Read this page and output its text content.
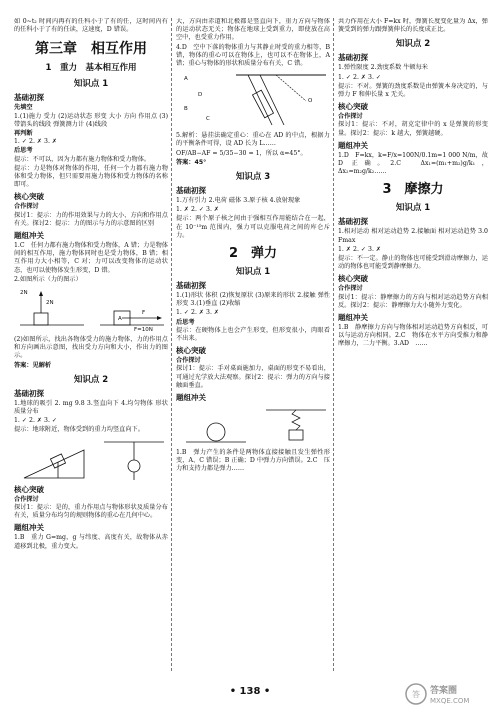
如 0~t₂ 时间内再有的任科小于了有的任，这时间内有的任科小于了有的任读，这速度，D 错误。

第三章　相互作用
1　重力　基本相互作用
知识点 1
基础初探
先填空

1.(1)施力 受力 (2)运动状态 形变 大小 方向 作用点 (3)带箭头的线段 弹簧测力计 (4)线段

再判断

1. ✓ 2. ✗ 3. ✗

后思考

提示：不可以，因为力都有施力物体和受力物体。

提示：力是物体对物体的作用，任何一个力都有施力物体和受力物体，但只需要用施力物体和受力物体的名称即可。

核心突破
合作探讨

探讨1：提示：力的作用效果与力的大小、方向和作用点有关。探讨2：提示：力的图示与力的示意图的区别

题组冲关

1.C　任何力都有施力物体和受力物体，A 错；力是物体间的相互作用，施力物体同时也是受力物体，B 错；相互作用力大小相等，C 对；力可以改变物体的运动状态，也可以使物体发生形变，D 错。

2.如图所示（力的图示）

2N
2N
A
F
F=10N

(2)如图所示，找出各物体受力的施力物体，力的作用点和方向画出示意图，找出受力方向和大小，作出力的图示。

答案：见解析

知识点 2
基础初探

1.地球的吸引 2. mg 9.8 3.竖直向下 4.均匀物体 形状 质量分布

1. ✓ 2. ✗ 3. ✓

提示：地球附近，物体受到的重力均竖直向下。

核心突破
合作探讨

探讨1：提示：是的，重力作用点与物体形状及质量分布有关，质量分布均匀的规则物体的重心在几何中心。

题组冲关

1.B　重力 G=mg，g 与纬度、高度有关，故物体从赤道移到北极，重力变大。

大，方向由赤道和北极都是竖直向下，重力方向与物体的运动状态无关；物体在地球上受到重力，即使放在高空中，也受重力作用。

4.D　空中下落的物体重力与其静止时受的重力相等，B 错，物体的重心可以在物体上，也可以不在物体上，A 错；重心与物体的形状和质量分布有关，C 错。

A
D
B
C
O

5.解析：悬挂法确定重心：重心在 AD 的中点，根据力的平衡条件可得，设 AD 长为 L……

OF/AB−AF = 5/35−30 = 1，所以 α=45°。

答案：45°

知识点 3
基础初探

1.万有引力 2.电荷 磁体 3.原子核 4.放射现象

1. ✗ 2. ✓ 3. ✗

提示：两个原子核之间由于强相互作用能结合在一起，在 10⁻¹⁵m 范围内，强力可以克服电荷之间的库仑斥力。

2　弹力
知识点 1
基础初探

1.(1)形状 体积 (2)恢复原状 (3)原来的形状 2.接触 弹性形变 3.(1)垂直 (2)收缩

1. ✓ 2. ✗ 3. ✗

后思考

提示：在硬物体上也会产生形变，但形变很小，肉眼看不出来。

核心突破
合作探讨

探讨1：提示：手对桌面施加力，桌面的形变不易看出，可通过光学放大法观察。探讨2：提示：弹力的方向与接触面垂直。

题组冲关

1.B　弹力产生的条件是两物体直接接触且发生弹性形变，A、C 错误；B 正确；D 中弹力方向错误。2.C　压力和支持力都是弹力……

共力作用在大小 F=kx 时，弹簧长度变化量为 Δx，弹簧受到的弹力跟弹簧伸长的长度成正比。

知识点 2
基础初探

1.弹性限度 2.劲度系数 牛顿每米

1. ✓ 2. ✗ 3. ✓

提示：不对。弹簧的劲度系数是由弹簧本身决定的，与弹力 F 和伸长量 x 无关。

核心突破
合作探讨

探讨1：提示：不对，胡克定律中的 x 是弹簧的形变量。探讨2：提示：k 越大，弹簧越硬。

题组冲关

1.D　F=kx，k=F/x=100N/0.1m=1 000 N/m，故 D 正确。2.C　Δx₁=(m₁+m₂)g/k₁，Δx₂=m₂g/k₂……

3　摩擦力
知识点 1
基础初探

1.相对运动 相对运动趋势 2.接触面 相对运动趋势 3.0 Fmax

1. ✗ 2. ✓ 3. ✗

提示：不一定。静止的物体也可能受到滑动摩擦力，运动的物体也可能受到静摩擦力。

核心突破
合作探讨

探讨1：提示：静摩擦力的方向与相对运动趋势方向相反。探讨2：提示：静摩擦力大小随外力变化。

题组冲关

1.B　静摩擦力方向与物体相对运动趋势方向相反，可以与运动方向相同。2.C　物体在水平方向受推力和静摩擦力，二力平衡。3.AD　……

• 138 •	答 答案圈
MXQE.COM
